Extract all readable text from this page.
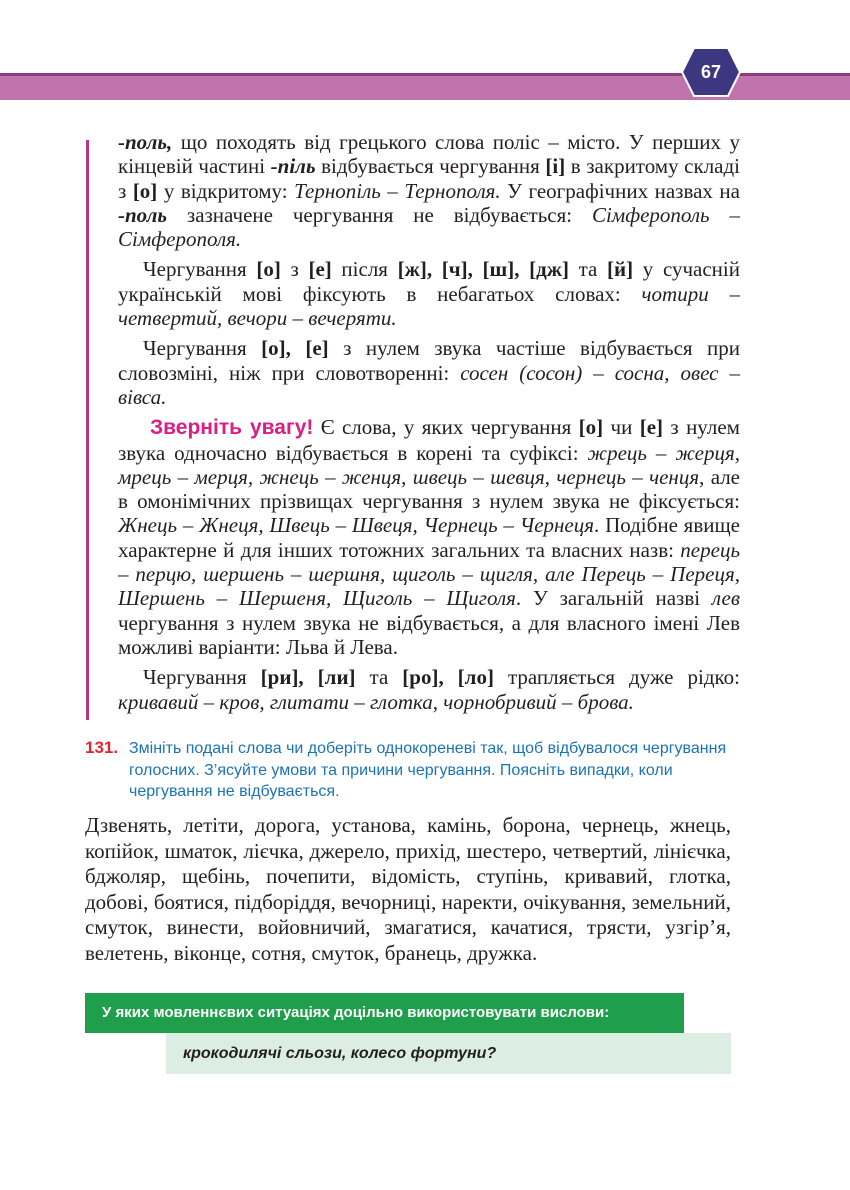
67

-поль, що походять від грецького слова поліс – місто. У перших у кінцевій частині -піль відбувається чергування [і] в закритому складі з [о] у відкритому: Тернопіль – Тернополя. У географічних назвах на -поль зазначене чергування не відбувається: Сімферополь – Сімферополя.

Чергування [о] з [е] після [ж], [ч], [ш], [дж] та [й] у сучасній українській мові фіксують в небагатьох словах: чотири – четвертий, вечори – вечеряти.

Чергування [о], [е] з нулем звука частіше відбувається при словозміні, ніж при словотворенні: сосен (сосон) – сосна, овес – вівса.

Зверніть увагу! Є слова, у яких чергування [о] чи [е] з нулем звука одночасно відбувається в корені та суфіксі: жрець – жерця, мрець – мерця, жнець – женця, швець – шевця, чернець – ченця, але в омонімічних прізвищах чергування з нулем звука не фіксується: Жнець – Жнеця, Швець – Швеця, Чернець – Чернеця. Подібне явище характерне й для інших тотожних загальних та власних назв: перець – перцю, шершень – шершня, щиголь – щигля, але Перець – Переця, Шершень – Шершеня, Щиголь – Щиголя. У загальній назві лев чергування з нулем звука не відбувається, а для власного імені Лев можливі варіанти: Льва й Лева.

Чергування [ри], [ли] та [ро], [ло] трапляється дуже рідко: кривавий – кров, глитати – глотка, чорнобривий – брова.

131. Змініть подані слова чи доберіть однокореневі так, щоб відбувалося чергування голосних. З’ясуйте умови та причини чергування. Поясніть випадки, коли чергування не відбувається.
Дзвенять, летіти, дорога, установа, камінь, борона, чернець, жнець, копійок, шматок, лієчка, джерело, прихід, шестеро, четвертий, лінієчка, бджоляр, щебінь, почепити, відомість, ступінь, кривавий, глотка, добові, боятися, підборіддя, вечорниці, наректи, очікування, земельний, смуток, винести, войовничий, змагатися, качатися, трясти, узгір’я, велетень, віконце, сотня, смуток, бранець, дружка.
У яких мовленнєвих ситуаціях доцільно використовувати вислови:
крокодилячі сльози, колесо фортуни?
